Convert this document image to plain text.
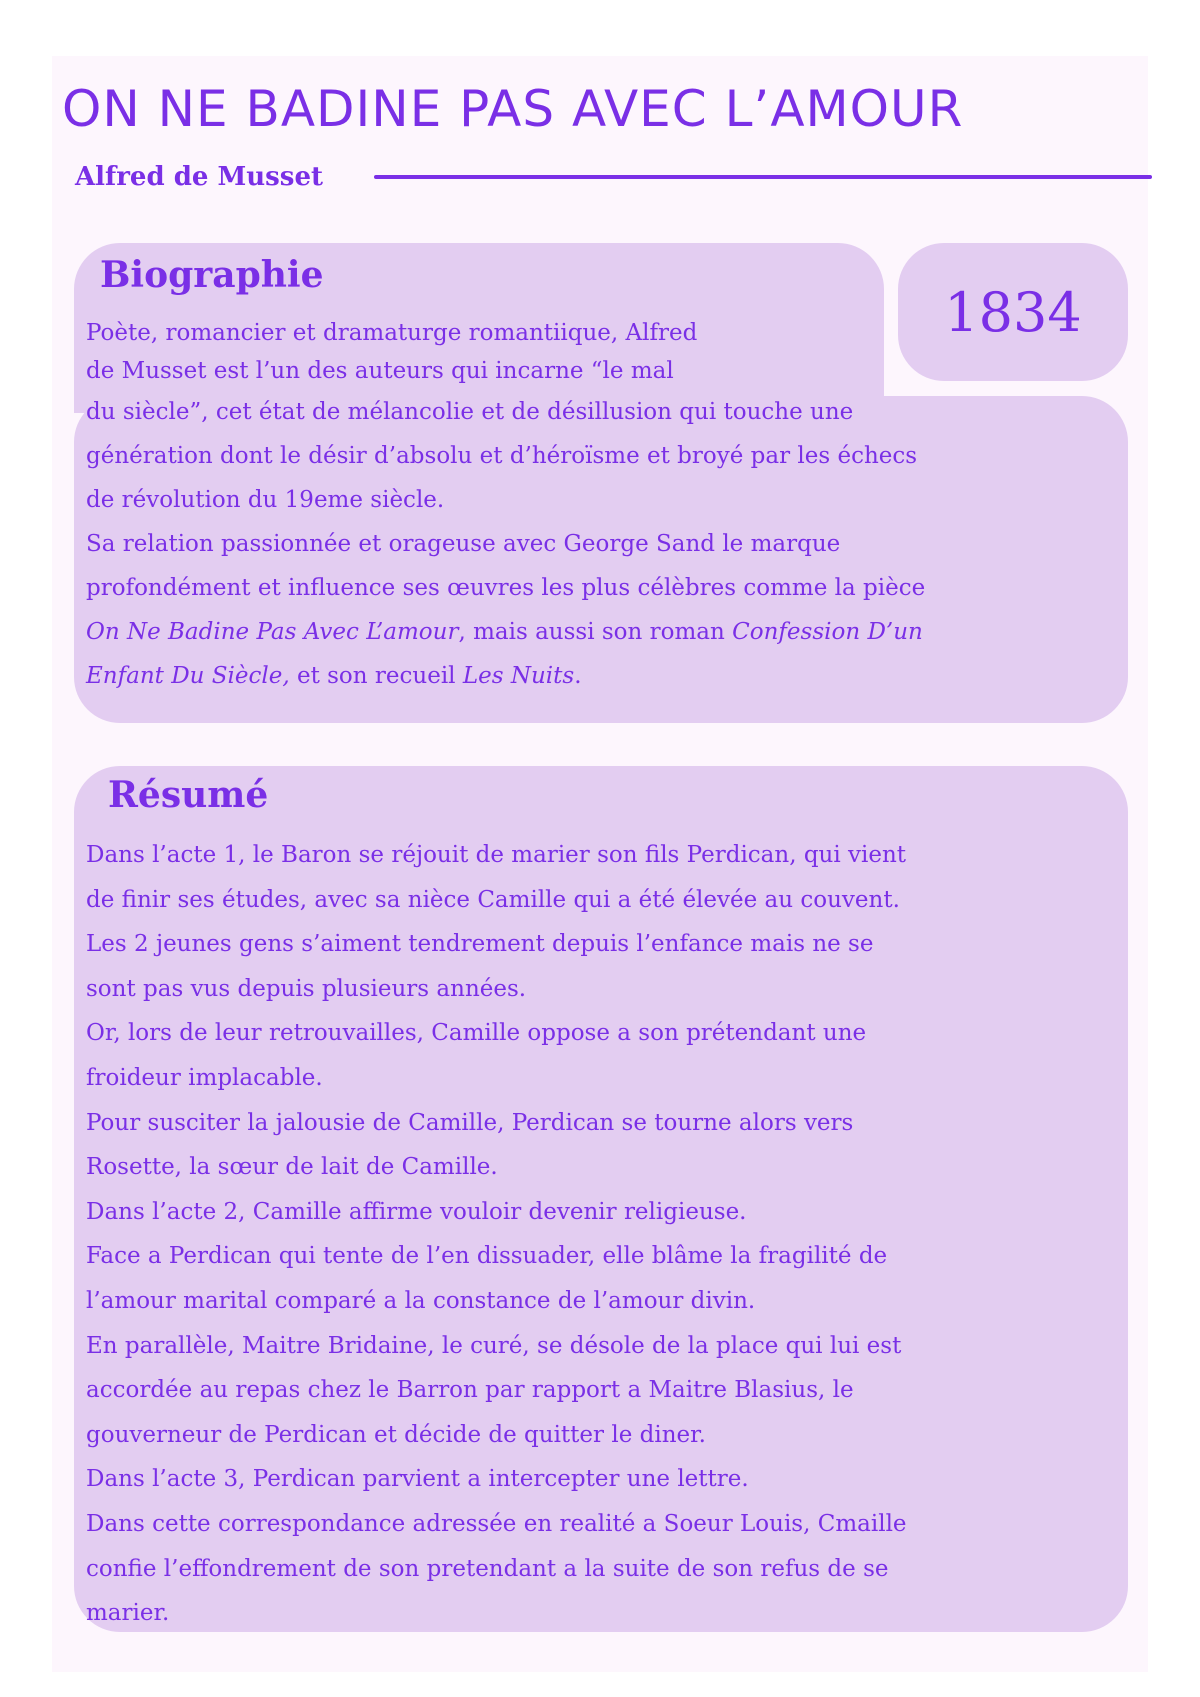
ON NE BADINE PAS AVEC L’AMOUR
Alfred de Musset
1834
Biographie
Poète, romancier et dramaturge romantiique, Alfred
de Musset est l’un des auteurs qui incarne “le mal
du siècle”, cet état de mélancolie et de désillusion qui touche une
génération dont le désir d’absolu et d’héroïsme et broyé par les échecs
de révolution du 19eme siècle.
Sa relation passionnée et orageuse avec George Sand le marque
profondément et influence ses œuvres les plus célèbres comme la pièce
On Ne Badine Pas Avec L’amour, mais aussi son roman Confession D’un
Enfant Du Siècle, et son recueil Les Nuits.
Résumé
Dans l’acte 1, le Baron se réjouit de marier son fils Perdican, qui vient
de finir ses études, avec sa nièce Camille qui a été élevée au couvent.
Les 2 jeunes gens s’aiment tendrement depuis l’enfance mais ne se
sont pas vus depuis plusieurs années.
Or, lors de leur retrouvailles, Camille oppose a son prétendant une
froideur implacable.
Pour susciter la jalousie de Camille, Perdican se tourne alors vers
Rosette, la sœur de lait de Camille.
Dans l’acte 2, Camille affirme vouloir devenir religieuse.
Face a Perdican qui tente de l’en dissuader, elle blâme la fragilité de
l’amour marital comparé a la constance de l’amour divin.
En parallèle, Maitre Bridaine, le curé, se désole de la place qui lui est
accordée au repas chez le Barron par rapport a Maitre Blasius, le
gouverneur de Perdican et décide de quitter le diner.
Dans l’acte 3, Perdican parvient a intercepter une lettre.
Dans cette correspondance adressée en realité a Soeur Louis, Cmaille
confie l’effondrement de son pretendant a la suite de son refus de se
marier.
